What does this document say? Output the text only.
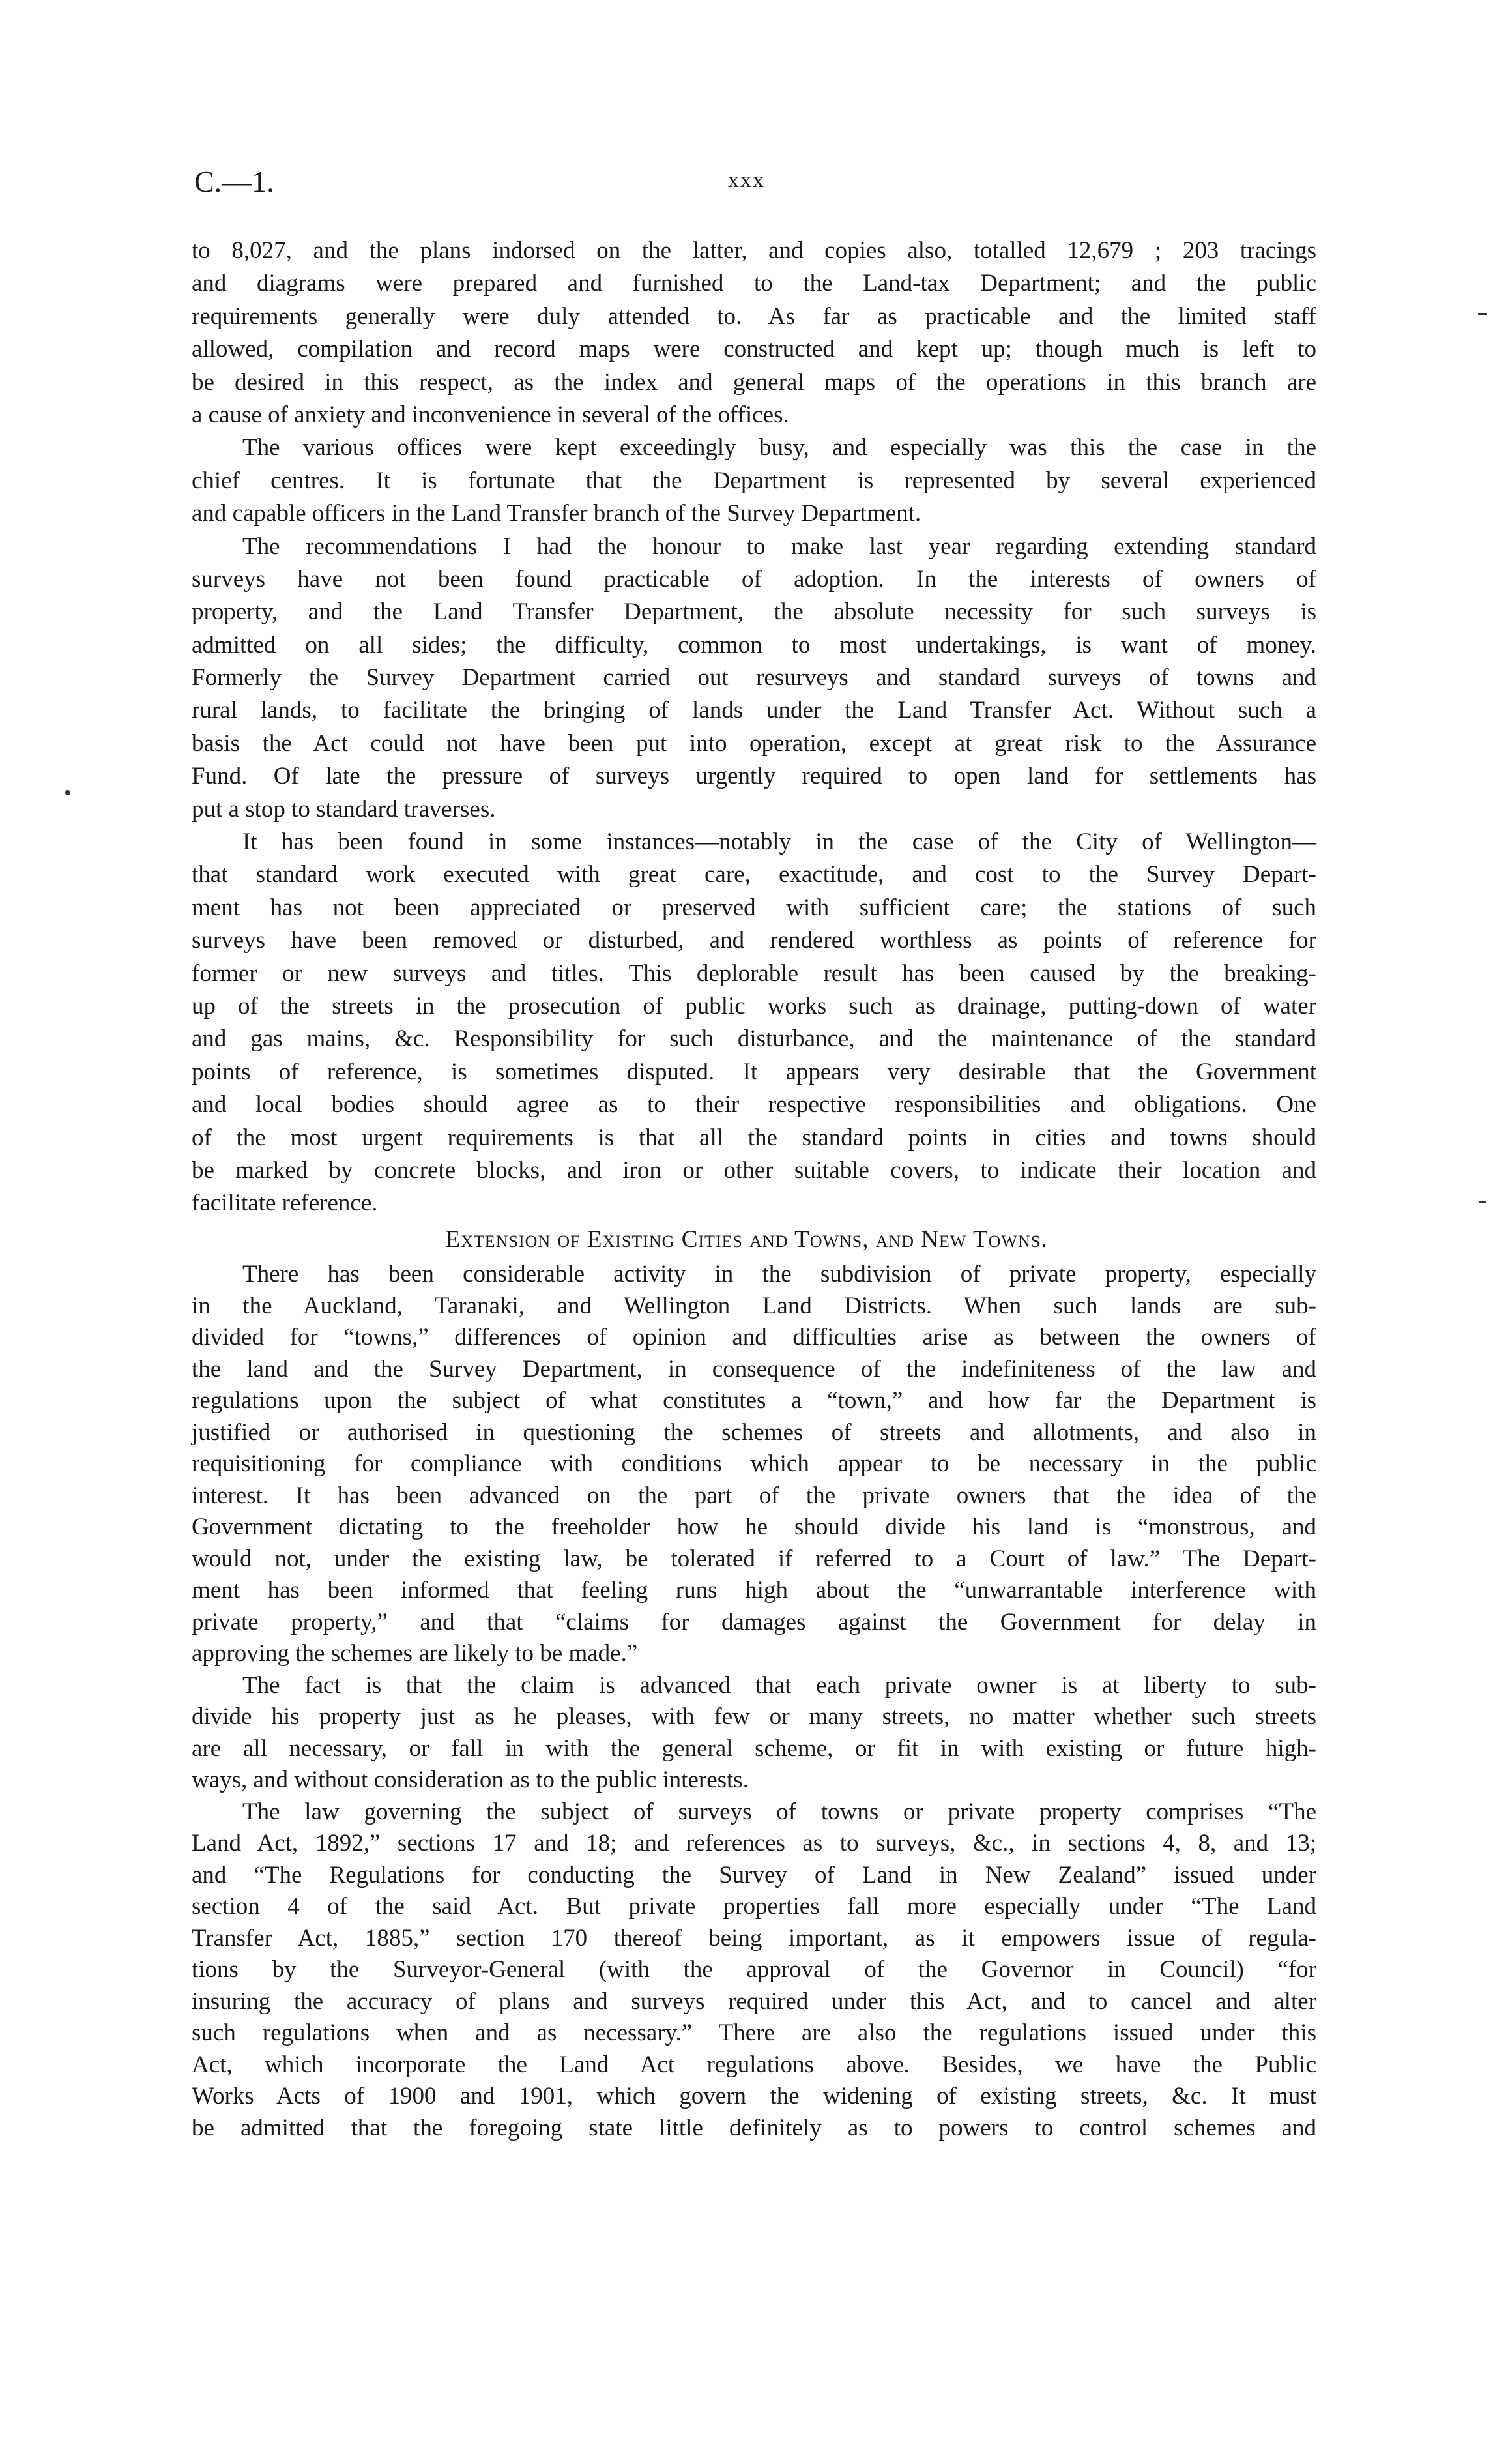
C.—1.	xxx
to 8,027, and the plans indorsed on the latter, and copies also, totalled 12,679 ; 203 tracings
and diagrams were prepared and furnished to the Land-tax Department; and the public
requirements generally were duly attended to. As far as practicable and the limited staff
allowed, compilation and record maps were constructed and kept up; though much is left to
be desired in this respect, as the index and general maps of the operations in this branch are
a cause of anxiety and inconvenience in several of the offices.
The various offices were kept exceedingly busy, and especially was this the case in the
chief centres. It is fortunate that the Department is represented by several experienced
and capable officers in the Land Transfer branch of the Survey Department.
The recommendations I had the honour to make last year regarding extending standard
surveys have not been found practicable of adoption. In the interests of owners of
property, and the Land Transfer Department, the absolute necessity for such surveys is
admitted on all sides; the difficulty, common to most undertakings, is want of money.
Formerly the Survey Department carried out resurveys and standard surveys of towns and
rural lands, to facilitate the bringing of lands under the Land Transfer Act. Without such a
basis the Act could not have been put into operation, except at great risk to the Assurance
Fund. Of late the pressure of surveys urgently required to open land for settlements has
put a stop to standard traverses.
It has been found in some instances—notably in the case of the City of Wellington—
that standard work executed with great care, exactitude, and cost to the Survey Depart-
ment has not been appreciated or preserved with sufficient care; the stations of such
surveys have been removed or disturbed, and rendered worthless as points of reference for
former or new surveys and titles. This deplorable result has been caused by the breaking-
up of the streets in the prosecution of public works such as drainage, putting-down of water
and gas mains, &c. Responsibility for such disturbance, and the maintenance of the standard
points of reference, is sometimes disputed. It appears very desirable that the Government
and local bodies should agree as to their respective responsibilities and obligations. One
of the most urgent requirements is that all the standard points in cities and towns should
be marked by concrete blocks, and iron or other suitable covers, to indicate their location and
facilitate reference.
Extension of Existing Cities and Towns, and New Towns.
There has been considerable activity in the subdivision of private property, especially
in the Auckland, Taranaki, and Wellington Land Districts. When such lands are sub-
divided for “towns,” differences of opinion and difficulties arise as between the owners of
the land and the Survey Department, in consequence of the indefiniteness of the law and
regulations upon the subject of what constitutes a “town,” and how far the Department is
justified or authorised in questioning the schemes of streets and allotments, and also in
requisitioning for compliance with conditions which appear to be necessary in the public
interest. It has been advanced on the part of the private owners that the idea of the
Government dictating to the freeholder how he should divide his land is “monstrous, and
would not, under the existing law, be tolerated if referred to a Court of law.” The Depart-
ment has been informed that feeling runs high about the “unwarrantable interference with
private property,” and that “claims for damages against the Government for delay in
approving the schemes are likely to be made.”
The fact is that the claim is advanced that each private owner is at liberty to sub-
divide his property just as he pleases, with few or many streets, no matter whether such streets
are all necessary, or fall in with the general scheme, or fit in with existing or future high-
ways, and without consideration as to the public interests.
The law governing the subject of surveys of towns or private property comprises “The
Land Act, 1892,” sections 17 and 18; and references as to surveys, &c., in sections 4, 8, and 13;
and “The Regulations for conducting the Survey of Land in New Zealand” issued under
section 4 of the said Act. But private properties fall more especially under “The Land
Transfer Act, 1885,” section 170 thereof being important, as it empowers issue of regula-
tions by the Surveyor-General (with the approval of the Governor in Council) “for
insuring the accuracy of plans and surveys required under this Act, and to cancel and alter
such regulations when and as necessary.” There are also the regulations issued under this
Act, which incorporate the Land Act regulations above. Besides, we have the Public
Works Acts of 1900 and 1901, which govern the widening of existing streets, &c. It must
be admitted that the foregoing state little definitely as to powers to control schemes and
